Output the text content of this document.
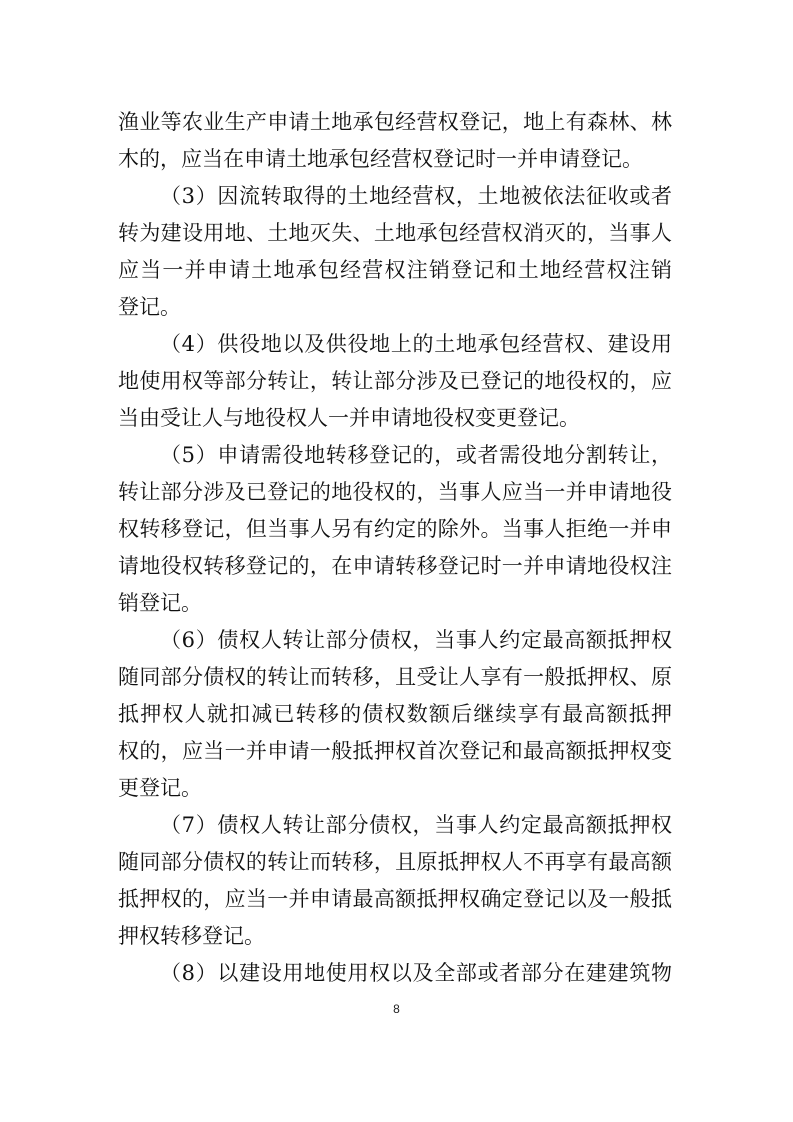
渔业等农业生产申请土地承包经营权登记，地上有森林、林
木的，应当在申请土地承包经营权登记时一并申请登记。
（3）因流转取得的土地经营权，土地被依法征收或者
转为建设用地、土地灭失、土地承包经营权消灭的，当事人
应当一并申请土地承包经营权注销登记和土地经营权注销
登记。
（4）供役地以及供役地上的土地承包经营权、建设用
地使用权等部分转让，转让部分涉及已登记的地役权的，应
当由受让人与地役权人一并申请地役权变更登记。
（5）申请需役地转移登记的，或者需役地分割转让，
转让部分涉及已登记的地役权的，当事人应当一并申请地役
权转移登记，但当事人另有约定的除外。当事人拒绝一并申
请地役权转移登记的，在申请转移登记时一并申请地役权注
销登记。
（6）债权人转让部分债权，当事人约定最高额抵押权
随同部分债权的转让而转移，且受让人享有一般抵押权、原
抵押权人就扣减已转移的债权数额后继续享有最高额抵押
权的，应当一并申请一般抵押权首次登记和最高额抵押权变
更登记。
（7）债权人转让部分债权，当事人约定最高额抵押权
随同部分债权的转让而转移，且原抵押权人不再享有最高额
抵押权的，应当一并申请最高额抵押权确定登记以及一般抵
押权转移登记。
（8）以建设用地使用权以及全部或者部分在建建筑物
8
